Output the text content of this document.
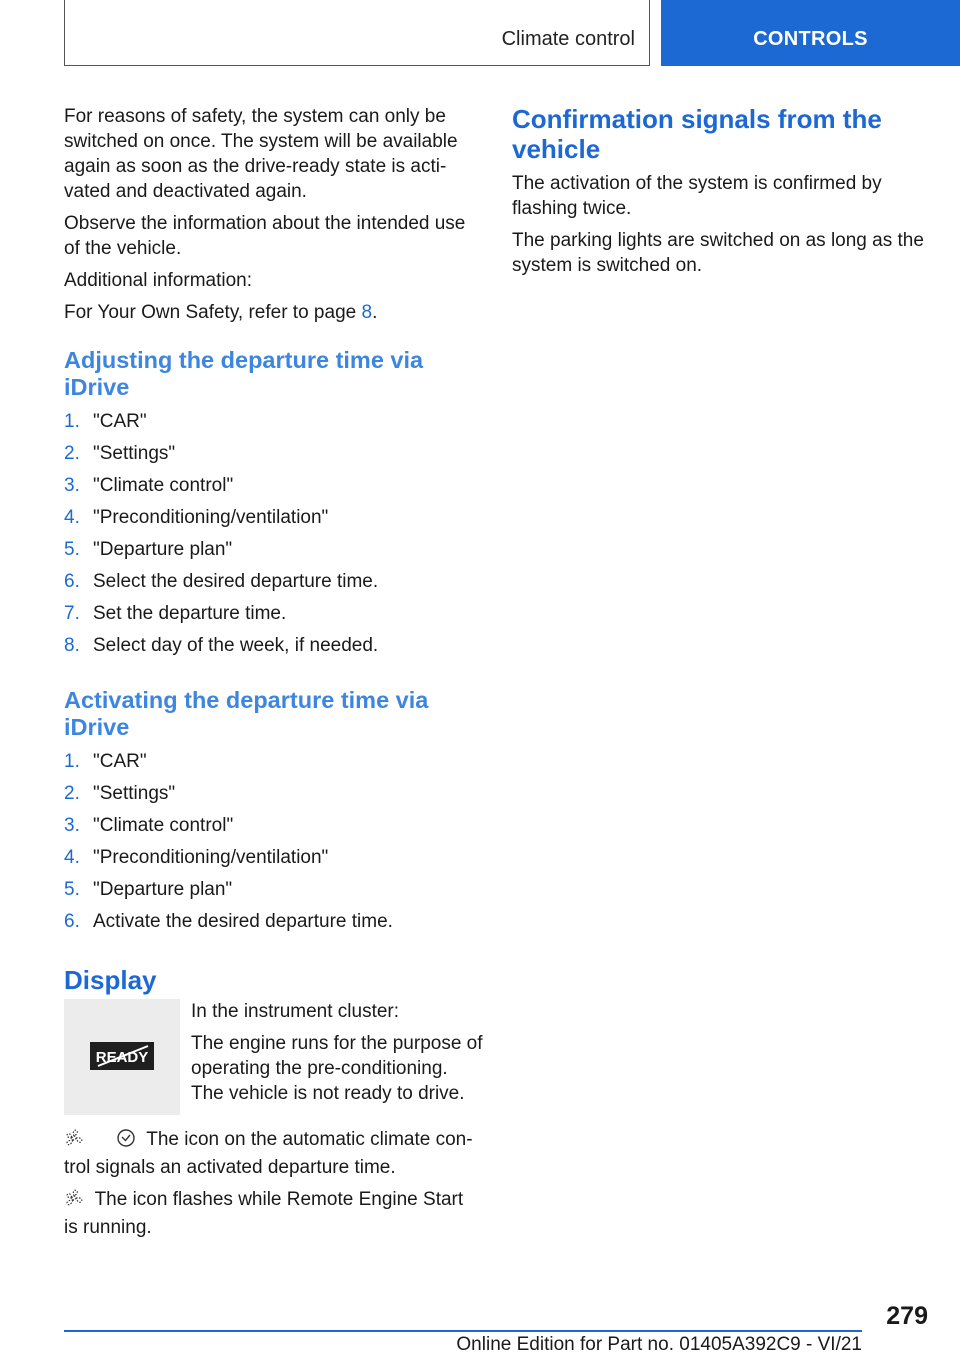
Climate control	CONTROLS

For reasons of safety, the system can only be switched on once. The system will be available again as soon as the drive-ready state is acti-vated and deactivated again.

Observe the information about the intended use of the vehicle.

Additional information:

For Your Own Safety, refer to page 8.

Adjusting the departure time via iDrive
1. "CAR"
2. "Settings"
3. "Climate control"
4. "Preconditioning/ventilation"
5. "Departure plan"
6. Select the desired departure time.
7. Set the departure time.
8. Select day of the week, if needed.
Activating the departure time via iDrive
1. "CAR"
2. "Settings"
3. "Climate control"
4. "Preconditioning/ventilation"
5. "Departure plan"
6. Activate the desired departure time.
Display
READY

In the instrument cluster:

The engine runs for the purpose of operating the pre-conditioning. The vehicle is not ready to drive.

The icon on the automatic climate con-trol signals an activated departure time.

The icon flashes while Remote Engine Start is running.

Confirmation signals from the vehicle

The activation of the system is confirmed by flashing twice.

The parking lights are switched on as long as the system is switched on.

279
Online Edition for Part no. 01405A392C9 - VI/21
